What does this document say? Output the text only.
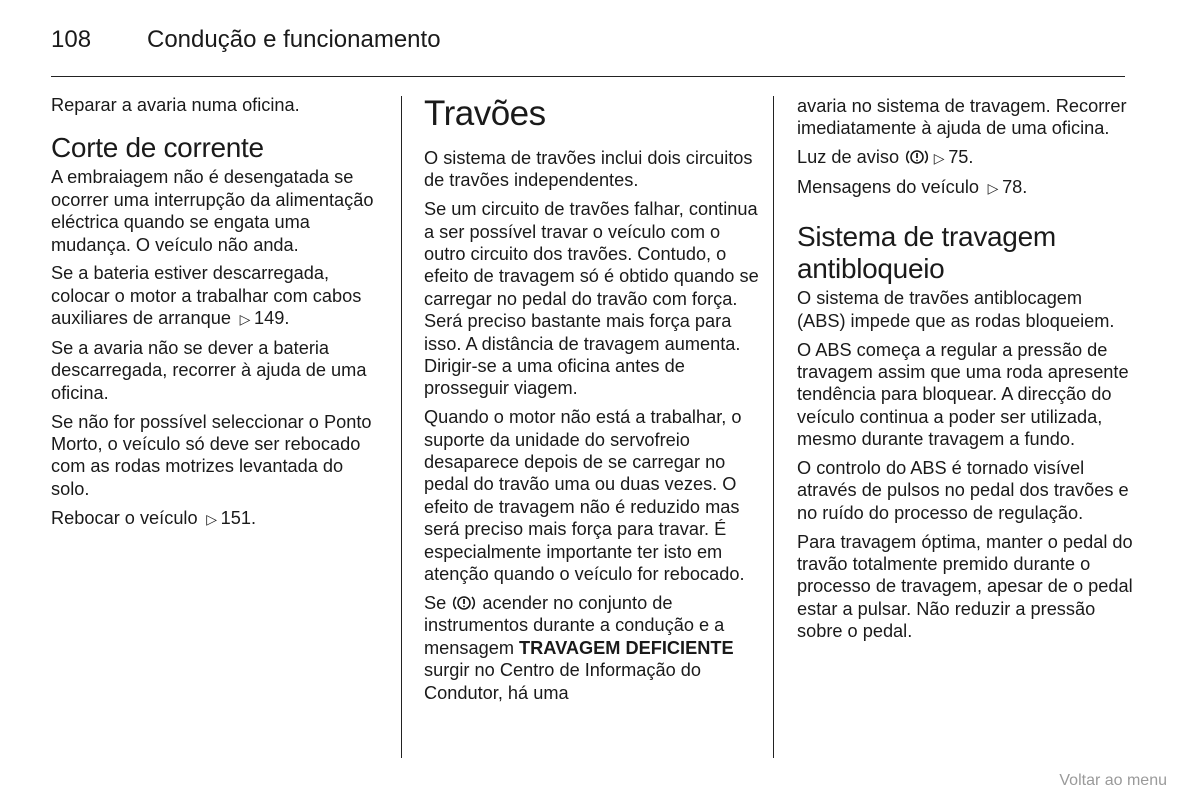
108 Condução e funcionamento

Reparar a avaria numa oficina.

Corte de corrente

A embraiagem não é desengatada se ocorrer uma interrupção da alimentação eléctrica quando se engata uma mudança. O veículo não anda.

Se a bateria estiver descarregada, colocar o motor a trabalhar com cabos auxiliares de arranque ▷ 149.

Se a avaria não se dever a bateria descarregada, recorrer à ajuda de uma oficina.

Se não for possível seleccionar o Ponto Morto, o veículo só deve ser rebocado com as rodas motrizes levantada do solo.

Rebocar o veículo ▷ 151.

Travões

O sistema de travões inclui dois circuitos de travões independentes.

Se um circuito de travões falhar, continua a ser possível travar o veículo com o outro circuito dos travões. Contudo, o efeito de travagem só é obtido quando se carregar no pedal do travão com força. Será preciso bastante mais força para isso. A distância de travagem aumenta. Dirigir-se a uma oficina antes de prosseguir viagem.

Quando o motor não está a trabalhar, o suporte da unidade do servofreio desaparece depois de se carregar no pedal do travão uma ou duas vezes. O efeito de travagem não é reduzido mas será preciso mais força para travar. É especialmente importante ter isto em atenção quando o veículo for rebocado.

Se acender no conjunto de instrumentos durante a condução e a mensagem TRAVAGEM DEFICIENTE surgir no Centro de Informação do Condutor, há uma

avaria no sistema de travagem. Recorrer imediatamente à ajuda de uma oficina.

Luz de aviso ▷ 75.

Mensagens do veículo ▷ 78.

Sistema de travagem antibloqueio

O sistema de travões antiblocagem (ABS) impede que as rodas bloqueiem.

O ABS começa a regular a pressão de travagem assim que uma roda apresente tendência para bloquear. A direcção do veículo continua a poder ser utilizada, mesmo durante travagem a fundo.

O controlo do ABS é tornado visível através de pulsos no pedal dos travões e no ruído do processo de regulação.

Para travagem óptima, manter o pedal do travão totalmente premido durante o processo de travagem, apesar de o pedal estar a pulsar. Não reduzir a pressão sobre o pedal.

Voltar ao menu
